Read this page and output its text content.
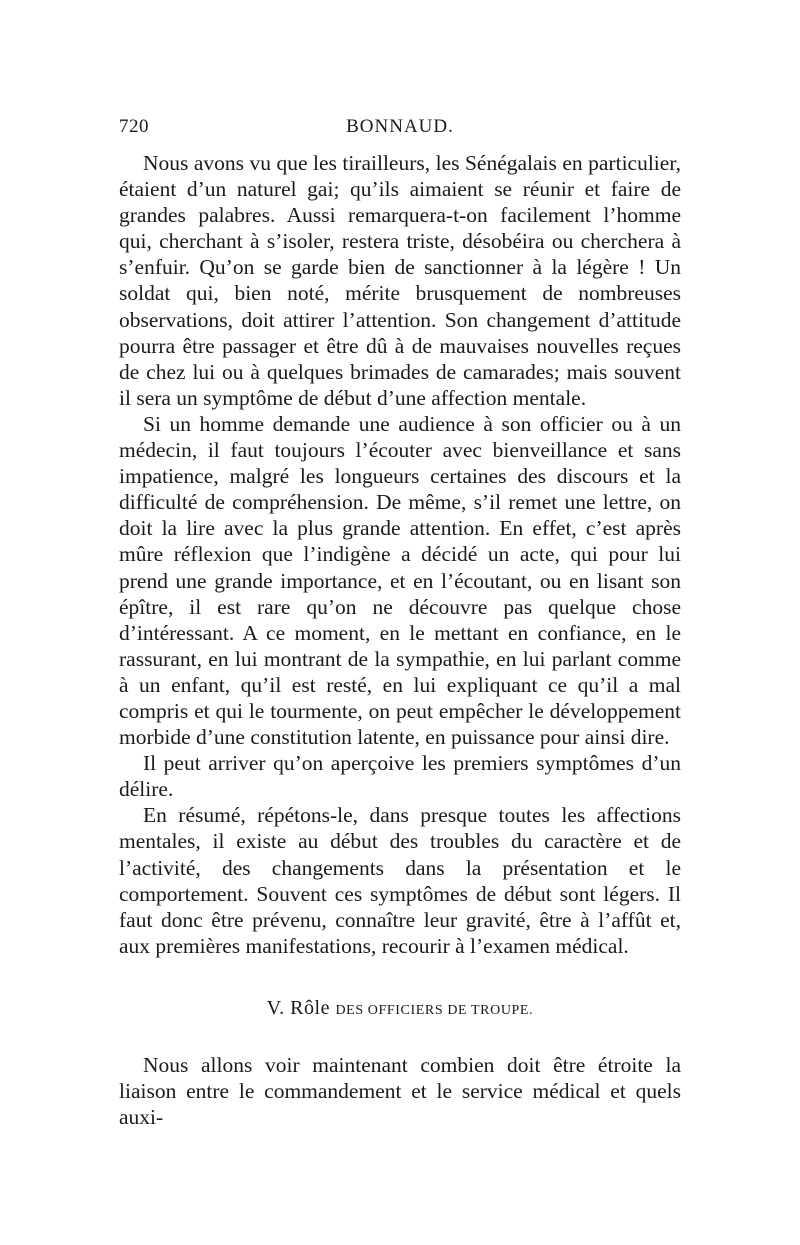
720	BONNAUD.

Nous avons vu que les tirailleurs, les Sénégalais en particulier, étaient d’un naturel gai; qu’ils aimaient se réunir et faire de grandes palabres. Aussi remarquera-t-on facilement l’homme qui, cherchant à s’isoler, restera triste, désobéira ou cherchera à s’enfuir. Qu’on se garde bien de sanctionner à la légère ! Un soldat qui, bien noté, mérite brusquement de nombreuses observations, doit attirer l’attention. Son changement d’attitude pourra être passager et être dû à de mauvaises nouvelles reçues de chez lui ou à quelques brimades de camarades; mais souvent il sera un symptôme de début d’une affection mentale.

Si un homme demande une audience à son officier ou à un médecin, il faut toujours l’écouter avec bienveillance et sans impatience, malgré les longueurs certaines des discours et la difficulté de compréhension. De même, s’il remet une lettre, on doit la lire avec la plus grande attention. En effet, c’est après mûre réflexion que l’indigène a décidé un acte, qui pour lui prend une grande importance, et en l’écoutant, ou en lisant son épître, il est rare qu’on ne découvre pas quelque chose d’intéressant. A ce moment, en le mettant en confiance, en le rassurant, en lui montrant de la sympathie, en lui parlant comme à un enfant, qu’il est resté, en lui expliquant ce qu’il a mal compris et qui le tourmente, on peut empêcher le développement morbide d’une constitution latente, en puissance pour ainsi dire.

Il peut arriver qu’on aperçoive les premiers symptômes d’un délire.

En résumé, répétons-le, dans presque toutes les affections mentales, il existe au début des troubles du caractère et de l’activité, des changements dans la présentation et le comportement. Souvent ces symptômes de début sont légers. Il faut donc être prévenu, connaître leur gravité, être à l’affût et, aux premières manifestations, recourir à l’examen médical.

V. Rôle DES OFFICIERS DE TROUPE.

Nous allons voir maintenant combien doit être étroite la liaison entre le commandement et le service médical et quels auxi-
